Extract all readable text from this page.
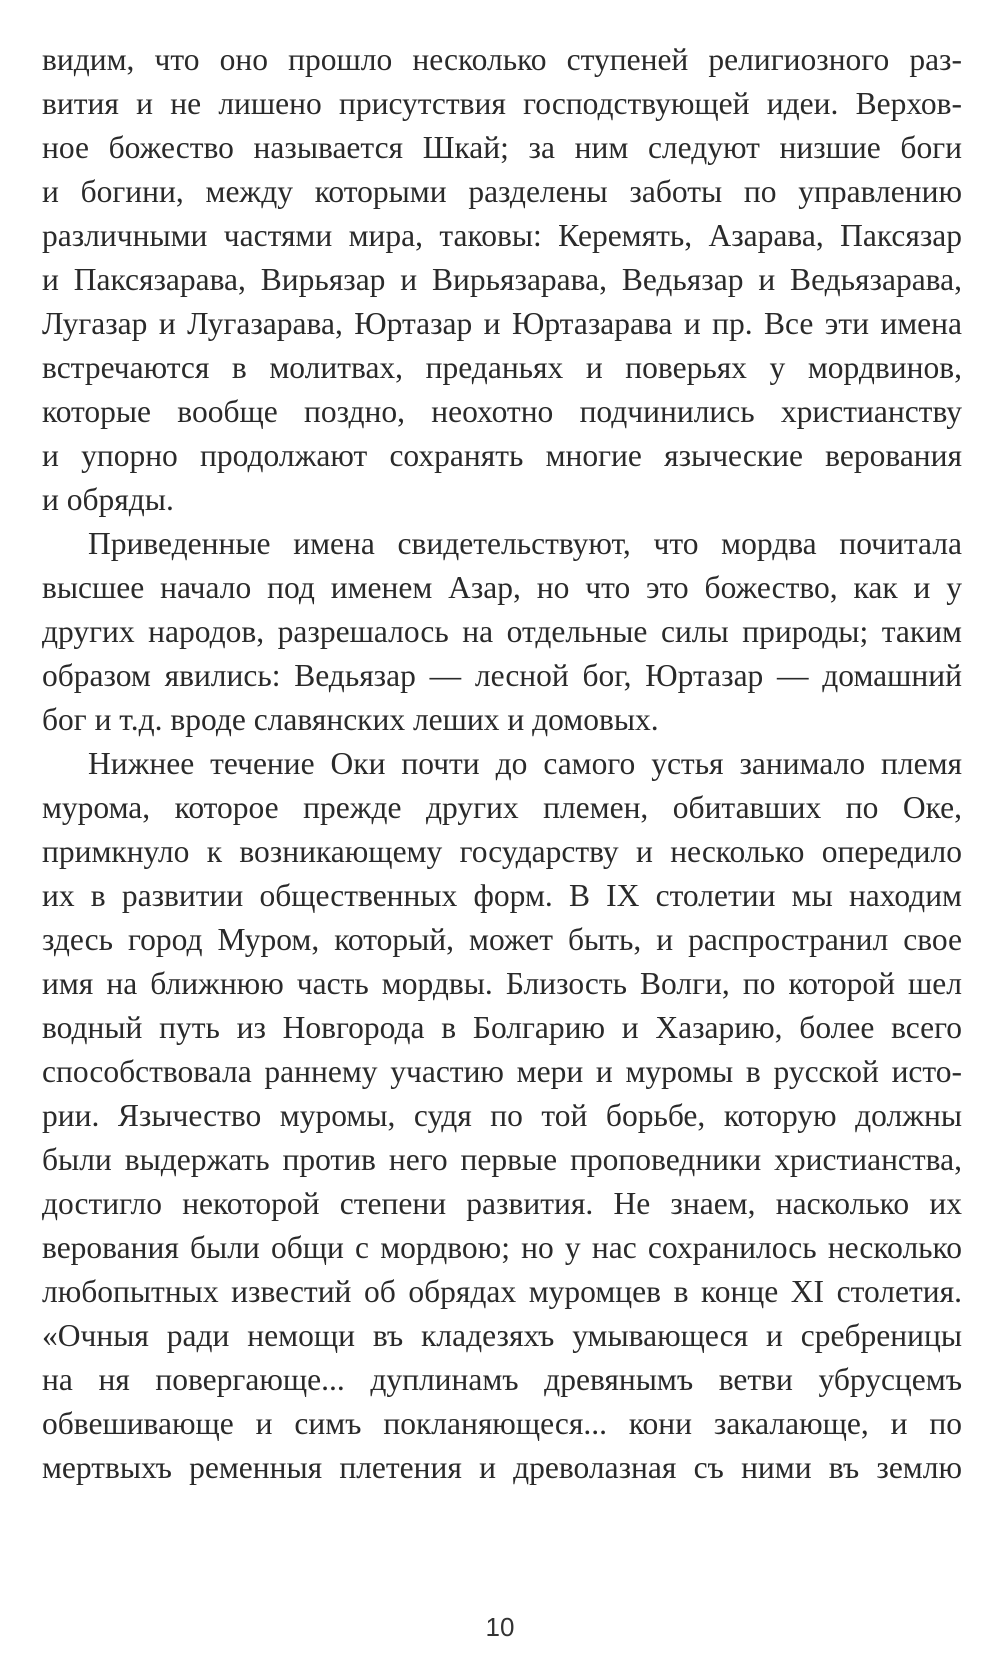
видим, что оно прошло несколько ступеней религиозного раз-
вития и не лишено присутствия господствующей идеи. Верхов-
ное божество называется Шкай; за ним следуют низшие боги
и богини, между которыми разделены заботы по управлению
различными частями мира, таковы: Керемять, Азарава, Паксязар
и Паксязарава, Вирьязар и Вирьязарава, Ведьязар и Ведьязарава,
Лугазар и Лугазарава, Юртазар и Юртазарава и пр. Все эти имена
встречаются в молитвах, преданьях и поверьях у мордвинов,
которые вообще поздно, неохотно подчинились христианству
и упорно продолжают сохранять многие языческие верования
и обряды.
Приведенные имена свидетельствуют, что мордва почитала
высшее начало под именем Азар, но что это божество, как и у
других народов, разрешалось на отдельные силы природы; таким
образом явились: Ведьязар — лесной бог, Юртазар — домашний
бог и т.д. вроде славянских леших и домовых.
Нижнее течение Оки почти до самого устья занимало племя
мурома, которое прежде других племен, обитавших по Оке,
примкнуло к возникающему государству и несколько опередило
их в развитии общественных форм. В IX столетии мы находим
здесь город Муром, который, может быть, и распространил свое
имя на ближнюю часть мордвы. Близость Волги, по которой шел
водный путь из Новгорода в Болгарию и Хазарию, более всего
способствовала раннему участию мери и муромы в русской исто-
рии. Язычество муромы, судя по той борьбе, которую должны
были выдержать против него первые проповедники христианства,
достигло некоторой степени развития. Не знаем, насколько их
верования были общи с мордвою; но у нас сохранилось несколько
любопытных известий об обрядах муромцев в конце XI столетия.
«Очныя ради немощи въ кладезяхъ умывающеся и сребреницы
на ня повергающе... дуплинамъ древянымъ ветви убрусцемъ
обвешивающе и симъ покланяющеся... кони закалающе, и по
мертвыхъ ременныя плетения и древолазная съ ними въ землю
10
